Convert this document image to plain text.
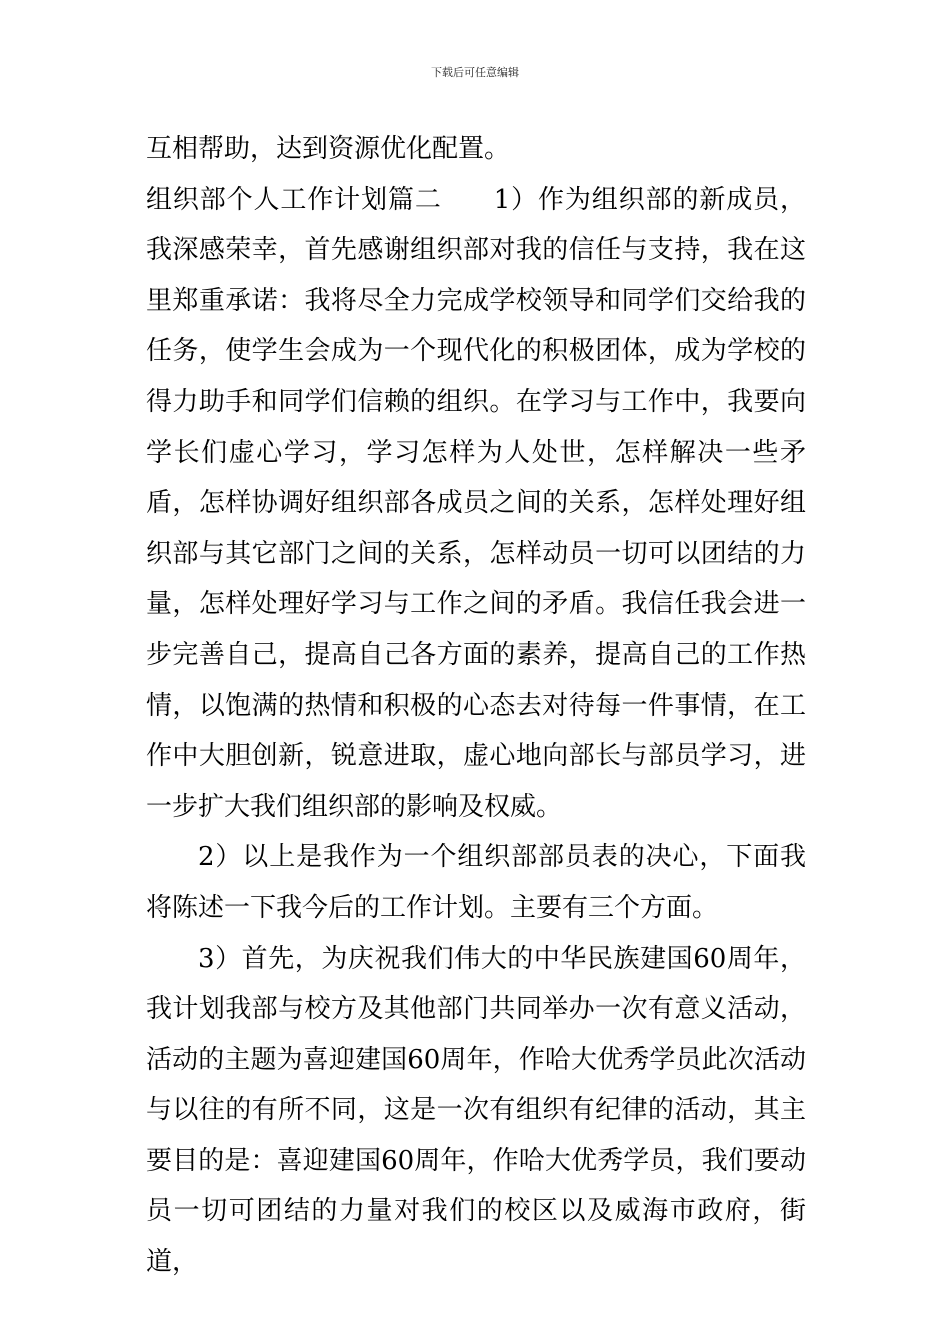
下载后可任意编辑

互相帮助，达到资源优化配置。

组织部个人工作计划篇二 1）作为组织部的新成员，我深感荣幸，首先感谢组织部对我的信任与支持，我在这里郑重承诺：我将尽全力完成学校领导和同学们交给我的任务，使学生会成为一个现代化的积极团体，成为学校的得力助手和同学们信赖的组织。在学习与工作中，我要向学长们虚心学习，学习怎样为人处世，怎样解决一些矛盾，怎样协调好组织部各成员之间的关系，怎样处理好组织部与其它部门之间的关系，怎样动员一切可以团结的力量，怎样处理好学习与工作之间的矛盾。我信任我会进一步完善自己，提高自己各方面的素养，提高自己的工作热情，以饱满的热情和积极的心态去对待每一件事情，在工作中大胆创新，锐意进取，虚心地向部长与部员学习，进一步扩大我们组织部的影响及权威。

2）以上是我作为一个组织部部员表的决心，下面我将陈述一下我今后的工作计划。主要有三个方面。

3）首先，为庆祝我们伟大的中华民族建国60周年，我计划我部与校方及其他部门共同举办一次有意义活动，活动的主题为喜迎建国60周年，作哈大优秀学员此次活动与以往的有所不同，这是一次有组织有纪律的活动，其主要目的是：喜迎建国60周年，作哈大优秀学员，我们要动员一切可团结的力量对我们的校区以及威海市政府，街道，
